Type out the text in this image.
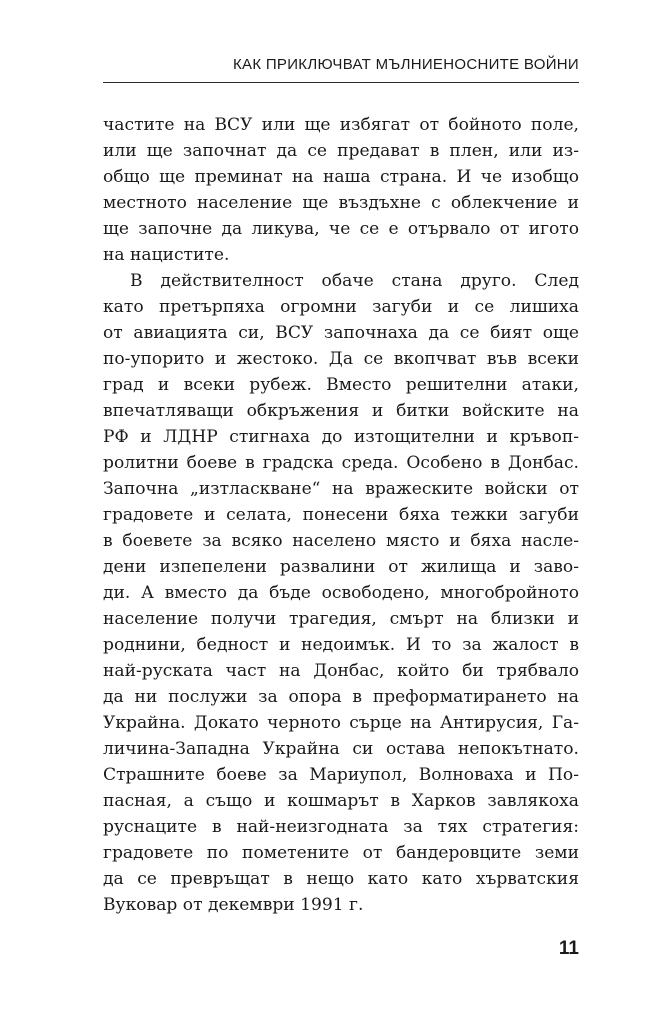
КАК ПРИКЛЮЧВАТ МЪЛНИЕНОСНИТЕ ВОЙНИ
частите на ВСУ или ще избягат от бойното поле,
или ще започнат да се предават в плен, или из-
общо ще преминат на наша страна. И че изобщо
местното население ще въздъхне с облекчение и
ще започне да ликува, че се е отървало от игото
на нацистите.
В действителност обаче стана друго. След
като претърпяха огромни загуби и се лишиха
от авиацията си, ВСУ започнаха да се бият още
по-упорито и жестоко. Да се вкопчват във всеки
град и всеки рубеж. Вместо решителни атаки,
впечатляващи обкръжения и битки войските на
РФ и ЛДНР стигнаха до изтощителни и кръвоп-
ролитни боеве в градска среда. Особено в Донбас.
Започна „изтласкване“ на вражеските войски от
градовете и селата, понесени бяха тежки загуби
в боевете за всяко населено място и бяха насле-
дени изпепелени развалини от жилища и заво-
ди. А вместо да бъде освободено, многобройното
население получи трагедия, смърт на близки и
роднини, бедност и недоимък. И то за жалост в
най-руската част на Донбас, който би трябвало
да ни послужи за опора в преформатирането на
Украйна. Докато черното сърце на Антирусия, Га-
личина-Западна Украйна си остава непокътнато.
Страшните боеве за Мариупол, Волноваха и По-
пасная, а също и кошмарът в Харков завлякоха
руснаците в най-неизгодната за тях стратегия:
градовете по пометените от бандеровците земи
да се превръщат в нещо като като хърватския
Вуковар от декември 1991 г.
11
